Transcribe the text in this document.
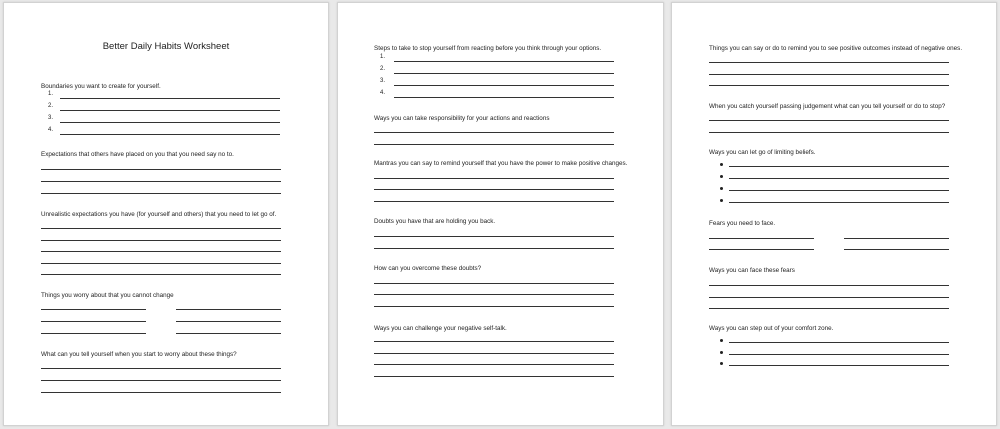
Better Daily Habits Worksheet
Boundaries you want to create for yourself.
1.
2.
3.
4.
Expectations that others have placed on you that you need say no to.
Unrealistic expectations you have (for yourself and others) that you need to let go of.
Things you worry about that you cannot change
What can you tell yourself when you start to worry about these things?
Steps to take to stop yourself from reacting before you think through your options.
1.
2.
3.
4.
Ways you can take responsibility for your actions and reactions
Mantras you can say to remind yourself that you have the power to make positive changes.
Doubts you have that are holding you back.
How can you overcome these doubts?
Ways you can challenge your negative self-talk.
Things you can say or do to remind you to see positive outcomes instead of negative ones.
When you catch yourself passing judgement what can you tell yourself or do to stop?
Ways you can let go of limiting beliefs.
Fears you need to face.
Ways you can face these fears
Ways you can step out of your comfort zone.
